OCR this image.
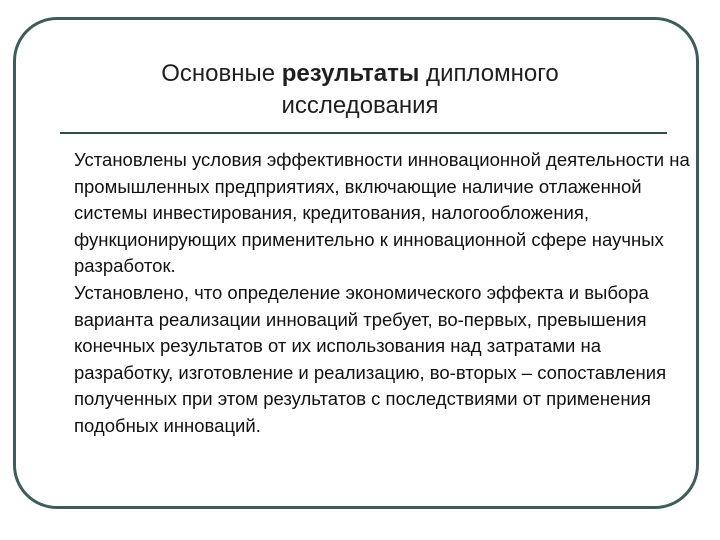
Основные результаты дипломного
исследования

Установлены условия эффективности инновационной деятельности на промышленных предприятиях, включающие наличие отлаженной системы инвестирования, кредитования, налогообложения, функционирующих применительно к инновационной сфере научных разработок.

Установлено, что определение экономического эффекта и выбора варианта реализации инноваций требует, во-первых, превышения конечных результатов от их использования над затратами на разработку, изготовление и реализацию, во-вторых – сопоставления полученных при этом результатов с последствиями от применения подобных инноваций.
